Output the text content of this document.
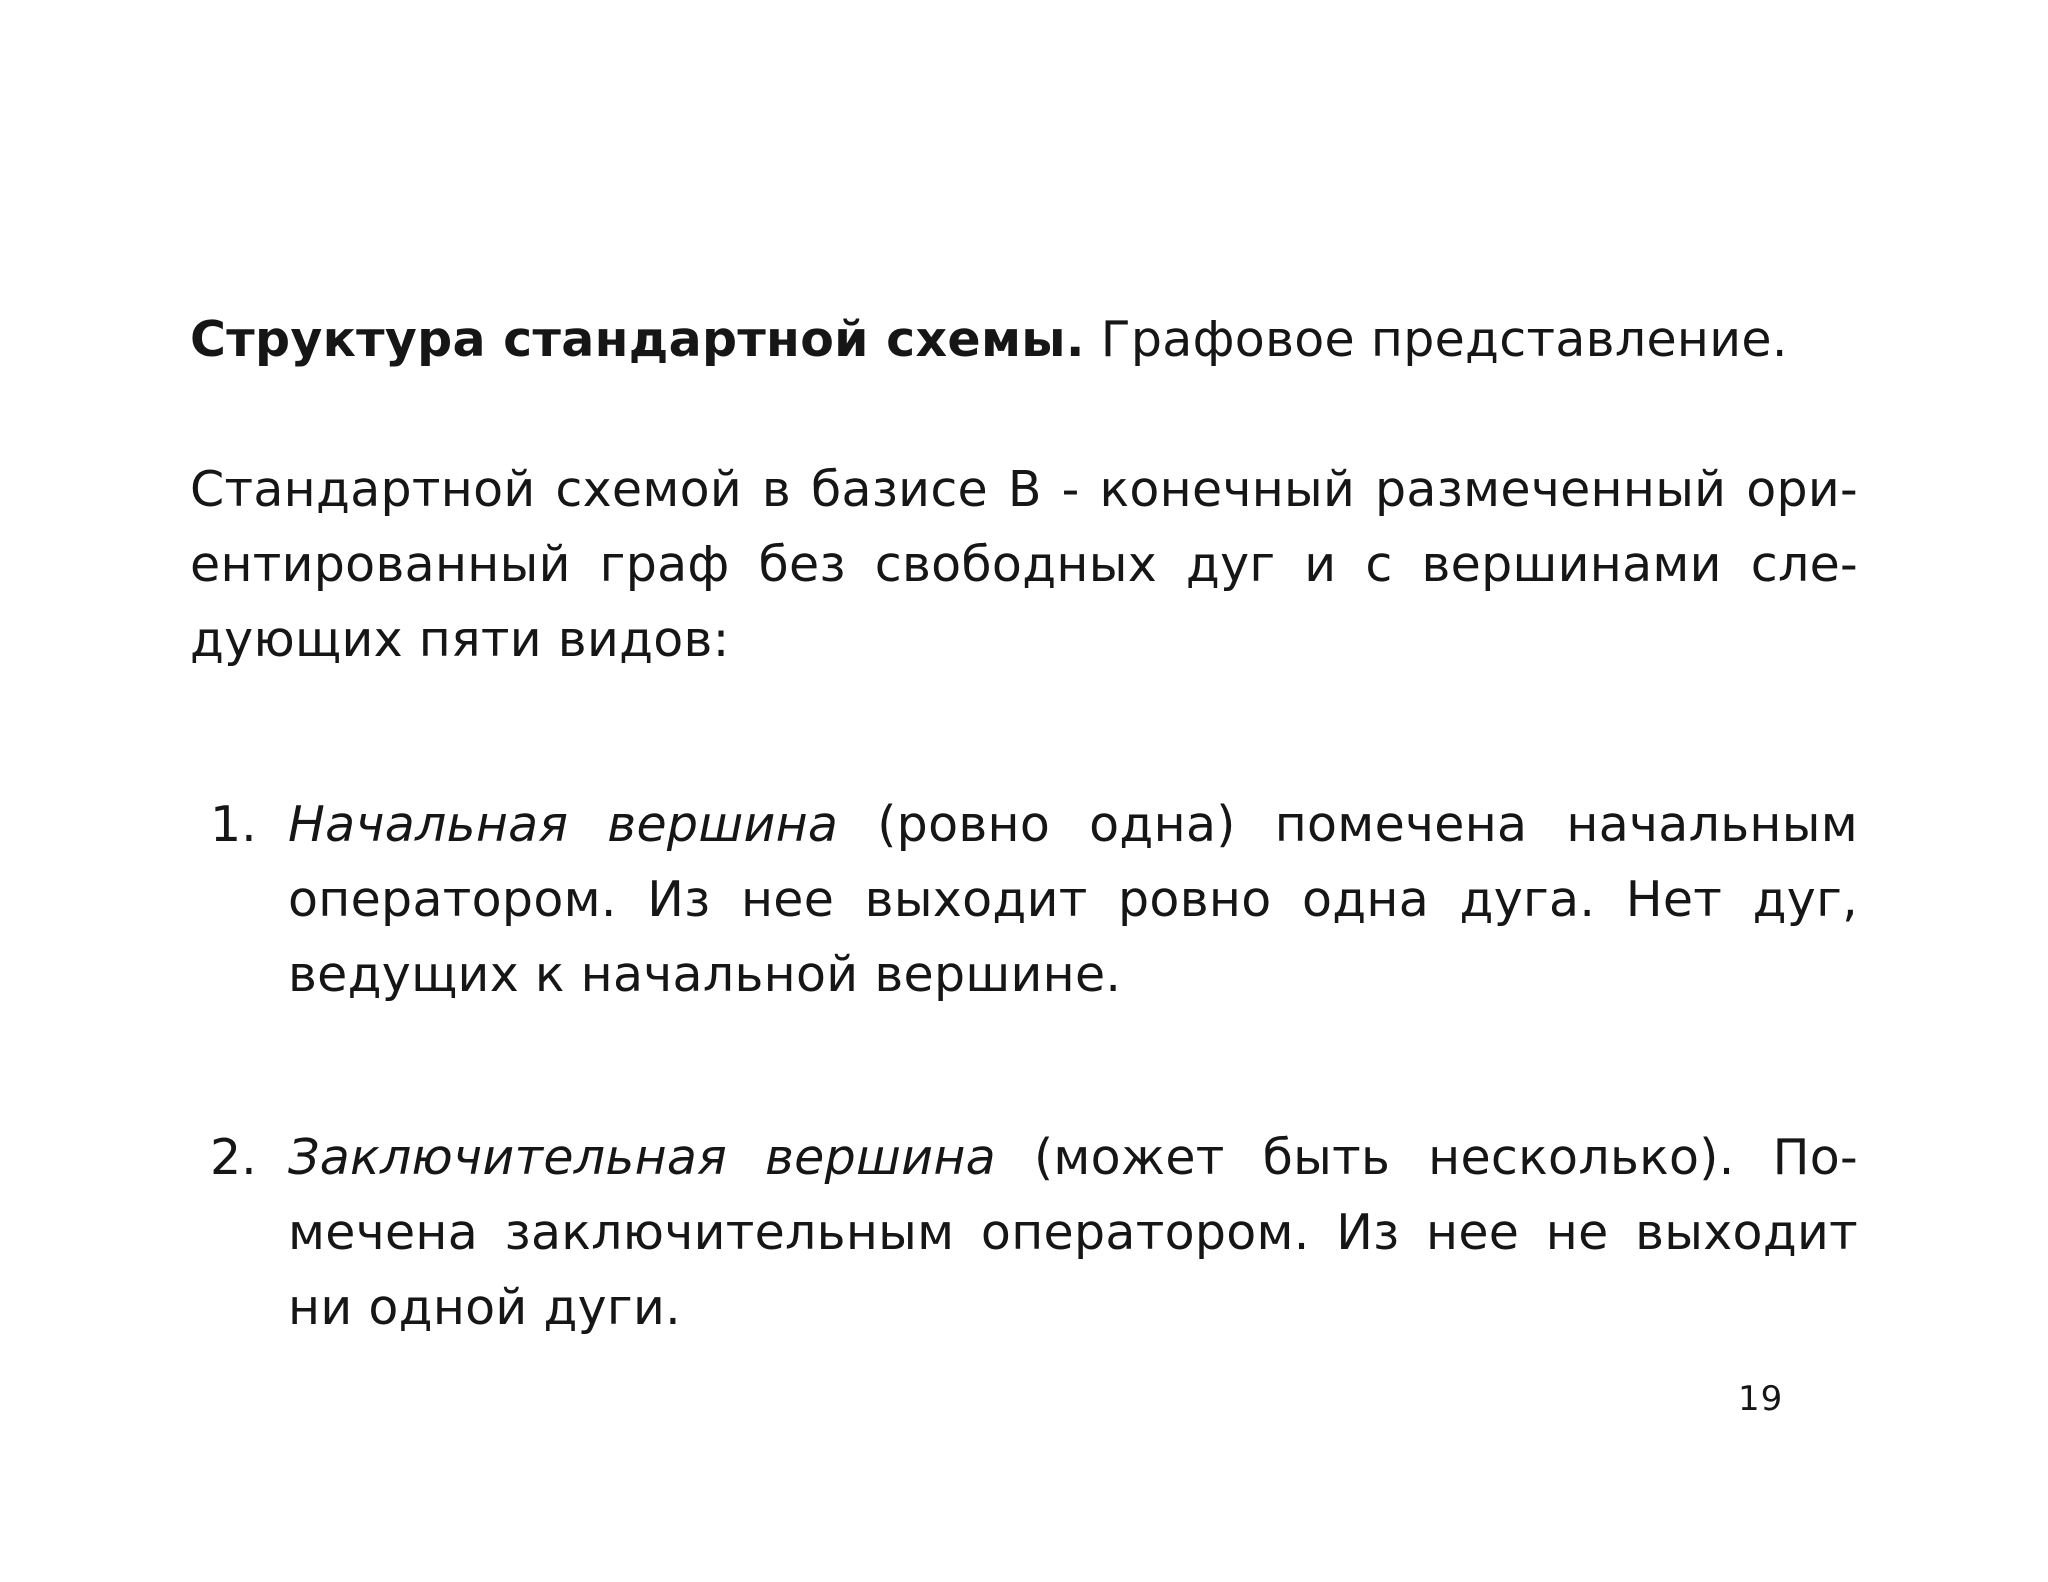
Структура стандартной схемы. Графовое представление.
Стандартной схемой в базисе B - конечный размеченный ори-
ентированный граф без свободных дуг и с вершинами сле-
дующих пяти видов:
1. Начальная вершина (ровно одна) помечена начальным
оператором. Из нее выходит ровно одна дуга. Нет дуг,
ведущих к начальной вершине.
2. Заключительная вершина (может быть несколько). По-
мечена заключительным оператором. Из нее не выходит
ни одной дуги.
19
